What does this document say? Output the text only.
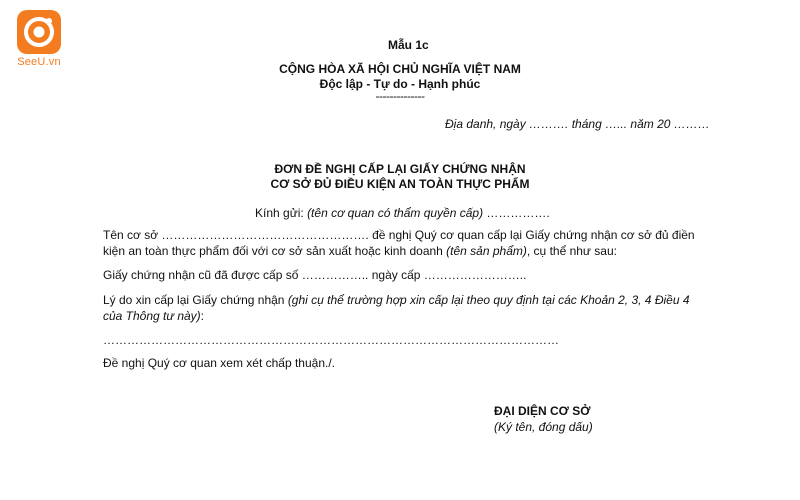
SeeU.vn
Mẫu 1c
CỘNG HÒA XÃ HỘI CHỦ NGHĨA VIỆT NAM
Độc lập - Tự do - Hạnh phúc
--------------
Địa danh, ngày ………. tháng …... năm 20 ………
ĐƠN ĐỀ NGHỊ CẤP LẠI GIẤY CHỨNG NHẬN
CƠ SỞ ĐỦ ĐIỀU KIỆN AN TOÀN THỰC PHẨM
Kính gửi: (tên cơ quan có thẩm quyền cấp) …………….
Tên cơ sở ……………………………………………. đề nghị Quý cơ quan cấp lại Giấy chứng nhận cơ sở đủ điền
kiện an toàn thực phẩm đối với cơ sở sản xuất hoặc kinh doanh (tên sản phẩm), cụ thể như sau:
Giấy chứng nhận cũ đã được cấp số …………….. ngày cấp ……………………..
Lý do xin cấp lại Giấy chứng nhận (ghi cụ thể trường hợp xin cấp lại theo quy định tại các Khoản 2, 3, 4 Điều 4
của Thông tư này):
……………………………………………………………………………………………………
Đề nghị Quý cơ quan xem xét chấp thuận./.
ĐẠI DIỆN CƠ SỞ
(Ký tên, đóng dấu)
